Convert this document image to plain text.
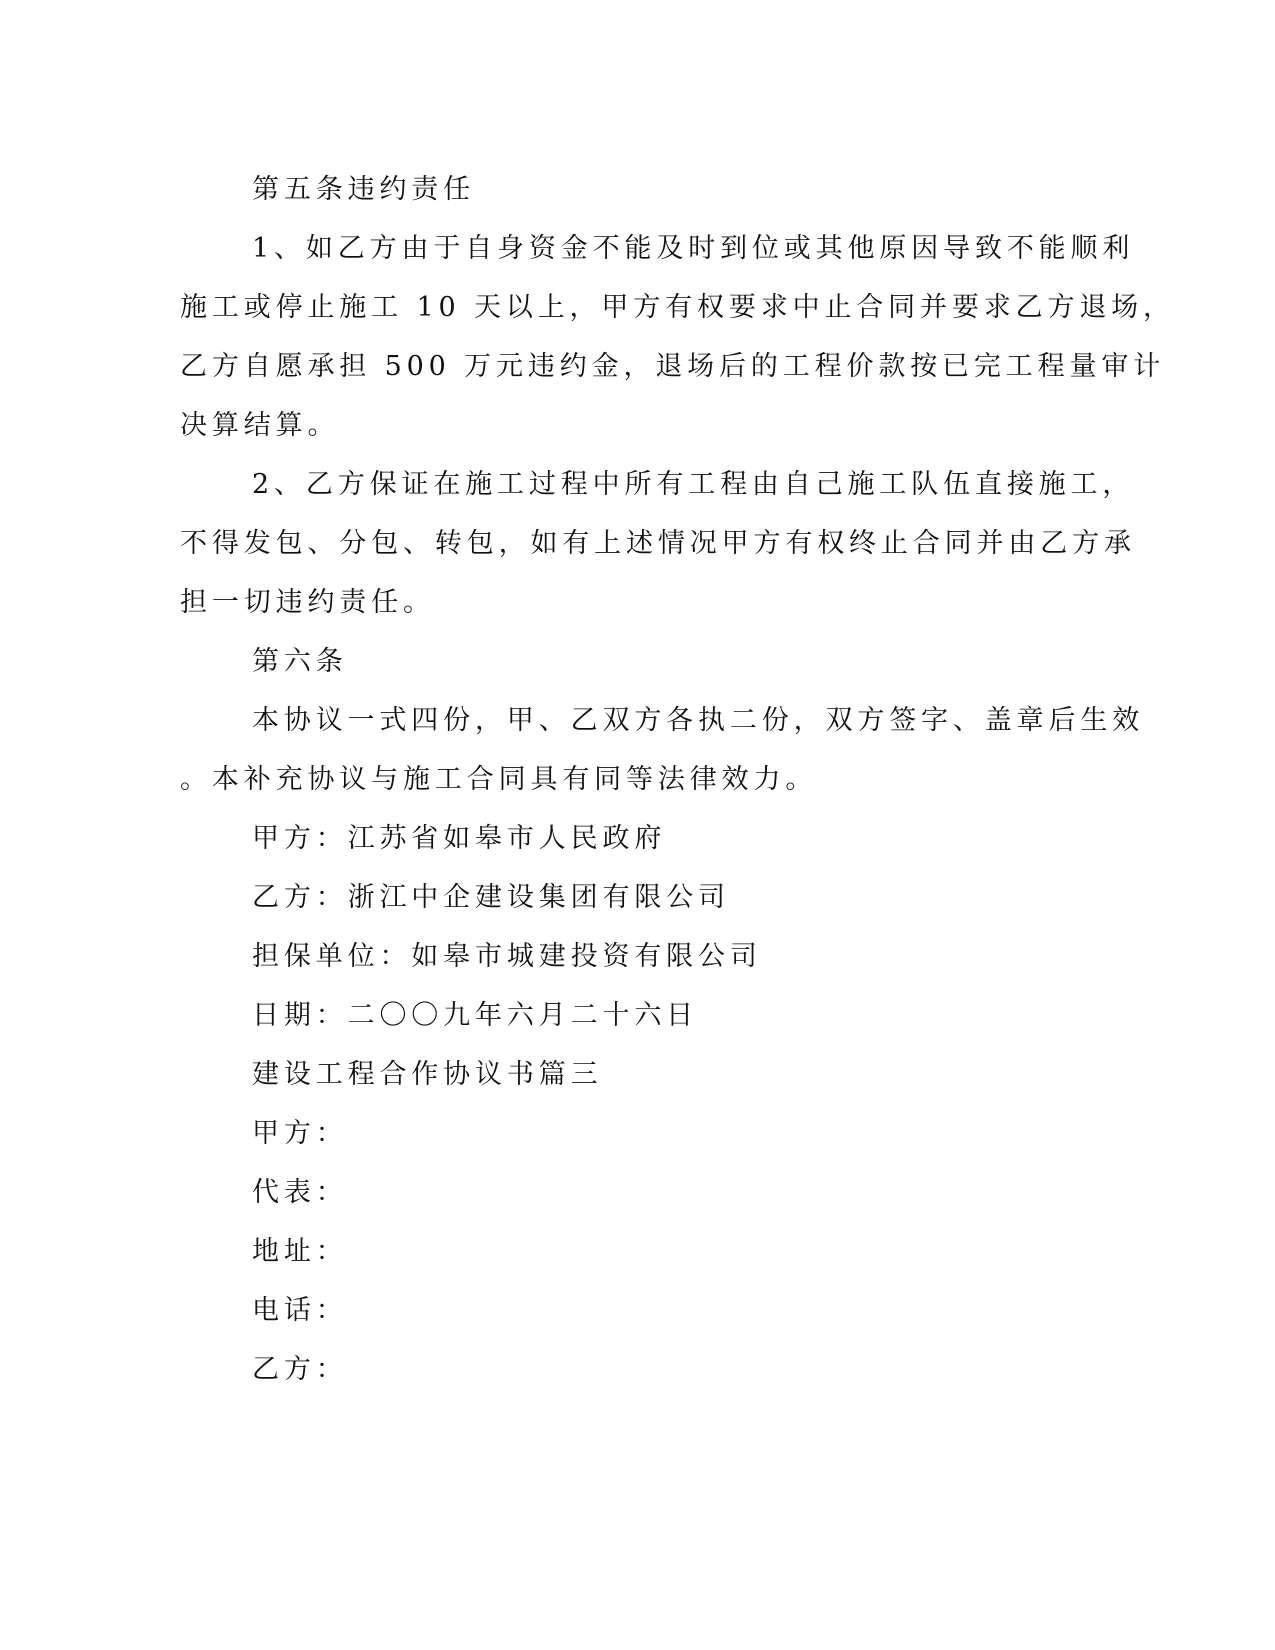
第五条违约责任

1、如乙方由于自身资金不能及时到位或其他原因导致不能顺利
施工或停止施工 10 天以上，甲方有权要求中止合同并要求乙方退场，
乙方自愿承担 500 万元违约金，退场后的工程价款按已完工程量审计
决算结算。

2、乙方保证在施工过程中所有工程由自己施工队伍直接施工，
不得发包、分包、转包，如有上述情况甲方有权终止合同并由乙方承
担一切违约责任。

第六条

本协议一式四份，甲、乙双方各执二份，双方签字、盖章后生效
。本补充协议与施工合同具有同等法律效力。

甲方：江苏省如皋市人民政府

乙方：浙江中企建设集团有限公司

担保单位：如皋市城建投资有限公司

日期：二〇〇九年六月二十六日

建设工程合作协议书篇三

甲方：

代表：

地址：

电话：

乙方：
